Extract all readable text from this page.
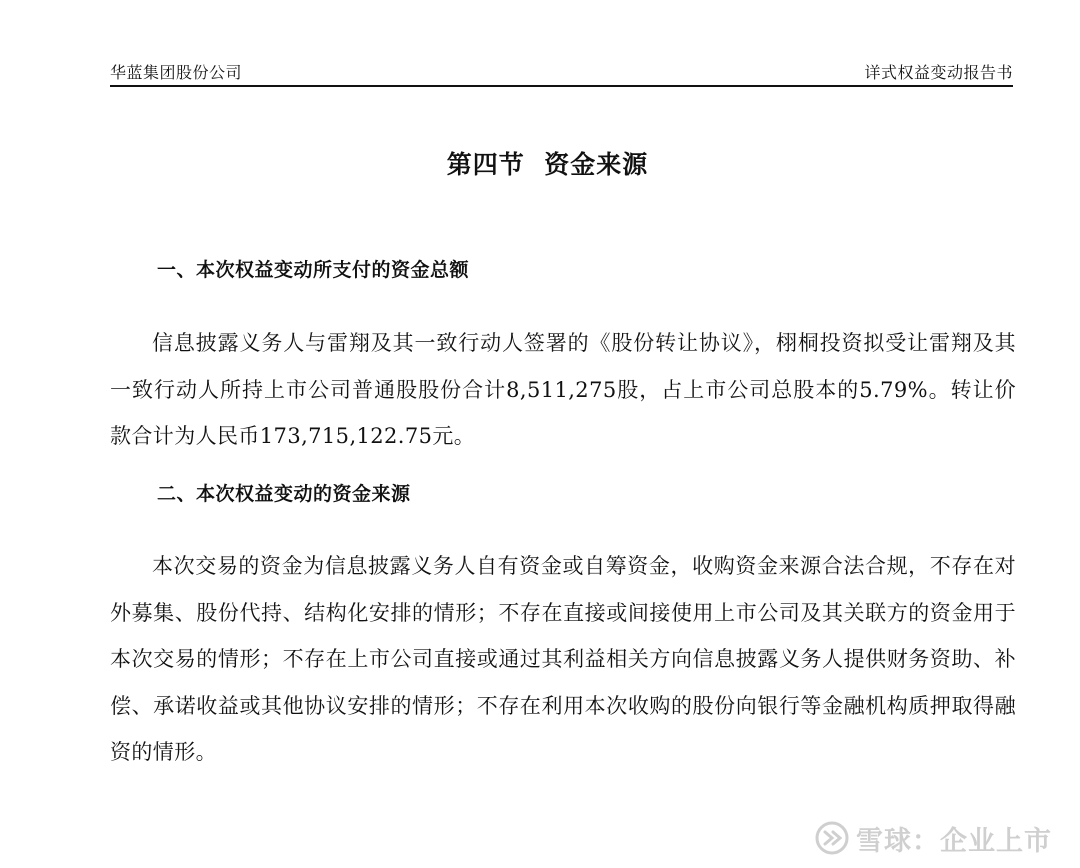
华蓝集团股份公司	详式权益变动报告书
第四节  资金来源
一、本次权益变动所支付的资金总额
信息披露义务人与雷翔及其一致行动人签署的《股份转让协议》，栩桐投资拟受让雷翔及其一致行动人所持上市公司普通股股份合计8,511,275股，占上市公司总股本的5.79%。转让价款合计为人民币173,715,122.75元。
二、本次权益变动的资金来源
本次交易的资金为信息披露义务人自有资金或自筹资金，收购资金来源合法合规，不存在对外募集、股份代持、结构化安排的情形；不存在直接或间接使用上市公司及其关联方的资金用于本次交易的情形；不存在上市公司直接或通过其利益相关方向信息披露义务人提供财务资助、补偿、承诺收益或其他协议安排的情形；不存在利用本次收购的股份向银行等金融机构质押取得融资的情形。
雪球：企业上市
